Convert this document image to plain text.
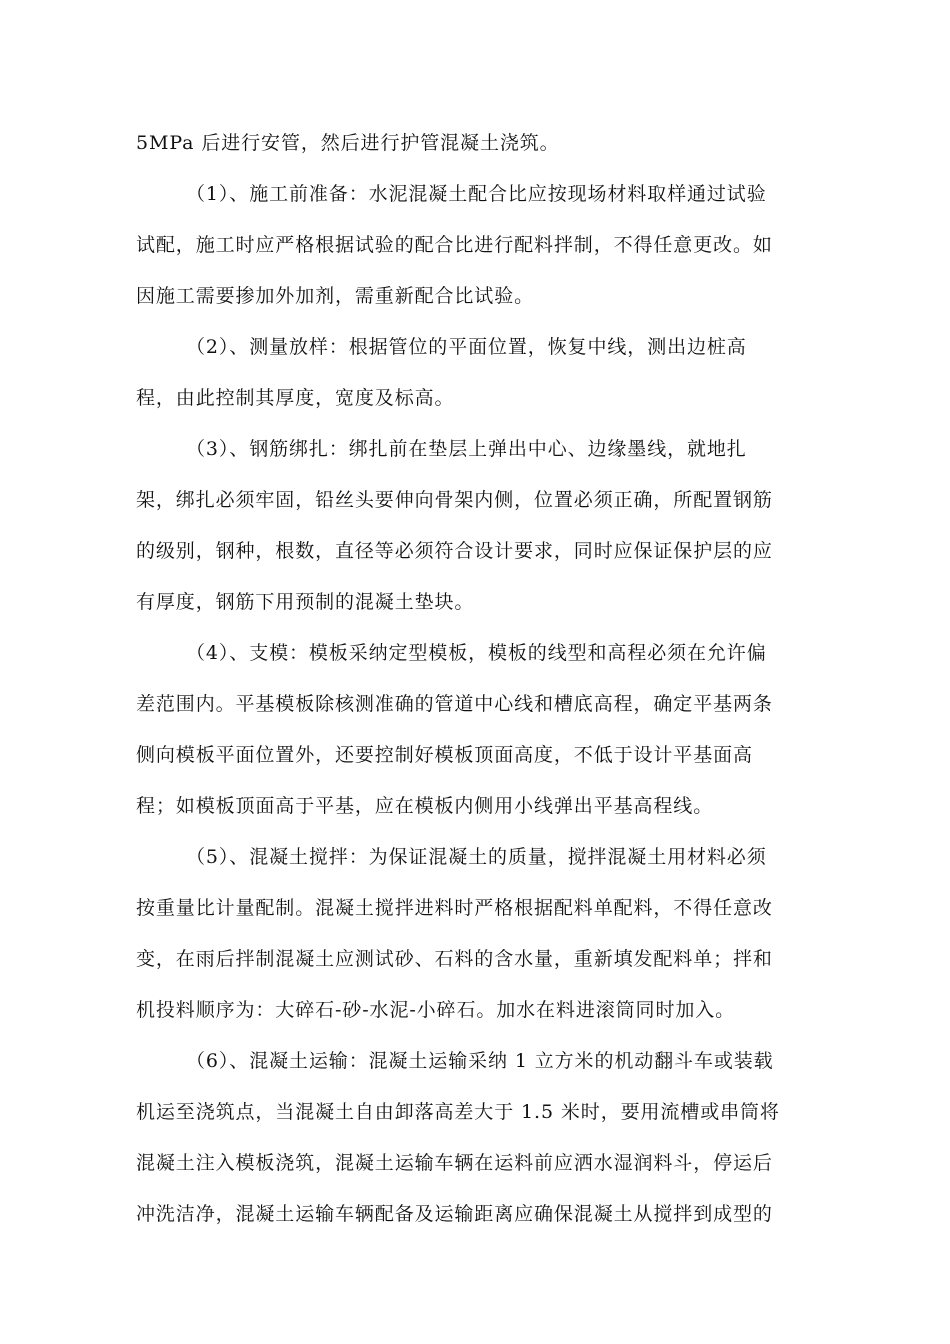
5MPa 后进行安管，然后进行护管混凝土浇筑。
（1）、施工前准备：水泥混凝土配合比应按现场材料取样通过试验
试配，施工时应严格根据试验的配合比进行配料拌制，不得任意更改。如
因施工需要掺加外加剂，需重新配合比试验。
（2）、测量放样：根据管位的平面位置，恢复中线，测出边桩高
程，由此控制其厚度，宽度及标高。
（3）、钢筋绑扎：绑扎前在垫层上弹出中心、边缘墨线，就地扎
架，绑扎必须牢固，铅丝头要伸向骨架内侧，位置必须正确，所配置钢筋
的级别，钢种，根数，直径等必须符合设计要求，同时应保证保护层的应
有厚度，钢筋下用预制的混凝土垫块。
（4）、支模：模板采纳定型模板，模板的线型和高程必须在允许偏
差范围内。平基模板除核测准确的管道中心线和槽底高程，确定平基两条
侧向模板平面位置外，还要控制好模板顶面高度，不低于设计平基面高
程；如模板顶面高于平基，应在模板内侧用小线弹出平基高程线。
（5）、混凝土搅拌：为保证混凝土的质量，搅拌混凝土用材料必须
按重量比计量配制。混凝土搅拌进料时严格根据配料单配料，不得任意改
变，在雨后拌制混凝土应测试砂、石料的含水量，重新填发配料单；拌和
机投料顺序为：大碎石-砂-水泥-小碎石。加水在料进滚筒同时加入。
（6）、混凝土运输：混凝土运输采纳 1 立方米的机动翻斗车或装载
机运至浇筑点，当混凝土自由卸落高差大于 1.5 米时，要用流槽或串筒将
混凝土注入模板浇筑，混凝土运输车辆在运料前应洒水湿润料斗，停运后
冲洗洁净，混凝土运输车辆配备及运输距离应确保混凝土从搅拌到成型的
